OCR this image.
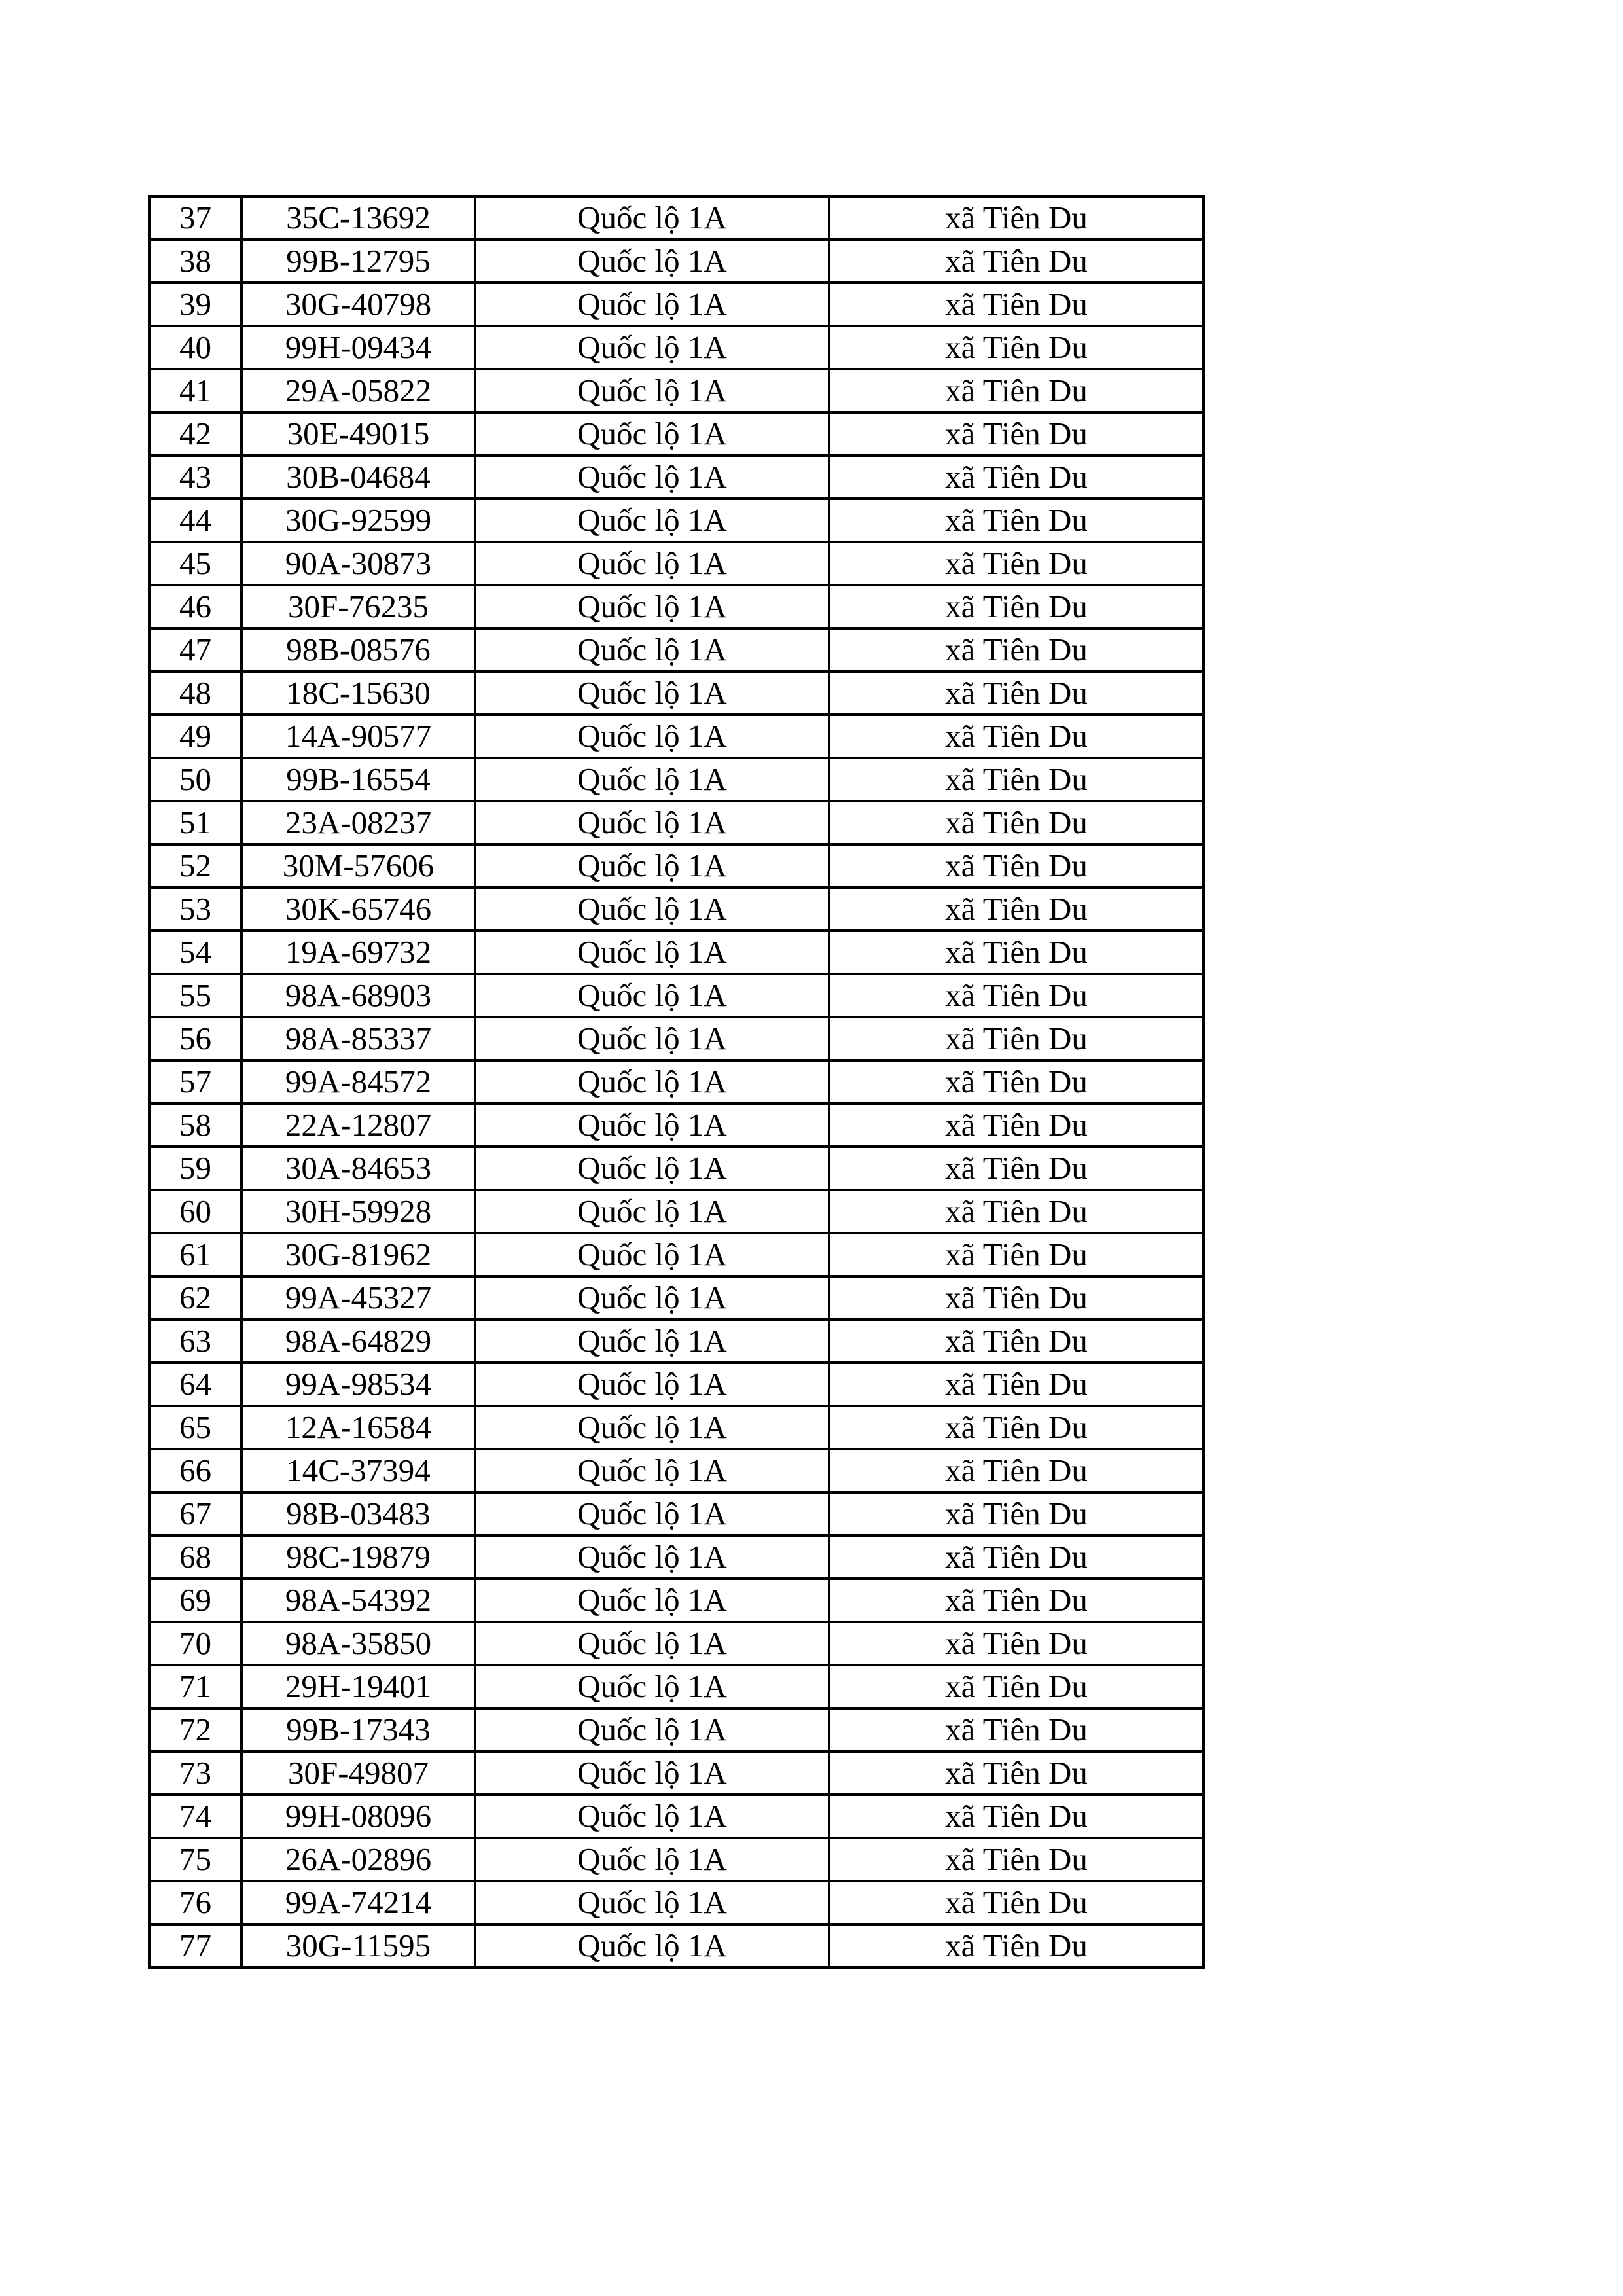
37	35C-13692	Quốc lộ 1A	xã Tiên Du
38	99B-12795	Quốc lộ 1A	xã Tiên Du
39	30G-40798	Quốc lộ 1A	xã Tiên Du
40	99H-09434	Quốc lộ 1A	xã Tiên Du
41	29A-05822	Quốc lộ 1A	xã Tiên Du
42	30E-49015	Quốc lộ 1A	xã Tiên Du
43	30B-04684	Quốc lộ 1A	xã Tiên Du
44	30G-92599	Quốc lộ 1A	xã Tiên Du
45	90A-30873	Quốc lộ 1A	xã Tiên Du
46	30F-76235	Quốc lộ 1A	xã Tiên Du
47	98B-08576	Quốc lộ 1A	xã Tiên Du
48	18C-15630	Quốc lộ 1A	xã Tiên Du
49	14A-90577	Quốc lộ 1A	xã Tiên Du
50	99B-16554	Quốc lộ 1A	xã Tiên Du
51	23A-08237	Quốc lộ 1A	xã Tiên Du
52	30M-57606	Quốc lộ 1A	xã Tiên Du
53	30K-65746	Quốc lộ 1A	xã Tiên Du
54	19A-69732	Quốc lộ 1A	xã Tiên Du
55	98A-68903	Quốc lộ 1A	xã Tiên Du
56	98A-85337	Quốc lộ 1A	xã Tiên Du
57	99A-84572	Quốc lộ 1A	xã Tiên Du
58	22A-12807	Quốc lộ 1A	xã Tiên Du
59	30A-84653	Quốc lộ 1A	xã Tiên Du
60	30H-59928	Quốc lộ 1A	xã Tiên Du
61	30G-81962	Quốc lộ 1A	xã Tiên Du
62	99A-45327	Quốc lộ 1A	xã Tiên Du
63	98A-64829	Quốc lộ 1A	xã Tiên Du
64	99A-98534	Quốc lộ 1A	xã Tiên Du
65	12A-16584	Quốc lộ 1A	xã Tiên Du
66	14C-37394	Quốc lộ 1A	xã Tiên Du
67	98B-03483	Quốc lộ 1A	xã Tiên Du
68	98C-19879	Quốc lộ 1A	xã Tiên Du
69	98A-54392	Quốc lộ 1A	xã Tiên Du
70	98A-35850	Quốc lộ 1A	xã Tiên Du
71	29H-19401	Quốc lộ 1A	xã Tiên Du
72	99B-17343	Quốc lộ 1A	xã Tiên Du
73	30F-49807	Quốc lộ 1A	xã Tiên Du
74	99H-08096	Quốc lộ 1A	xã Tiên Du
75	26A-02896	Quốc lộ 1A	xã Tiên Du
76	99A-74214	Quốc lộ 1A	xã Tiên Du
77	30G-11595	Quốc lộ 1A	xã Tiên Du
